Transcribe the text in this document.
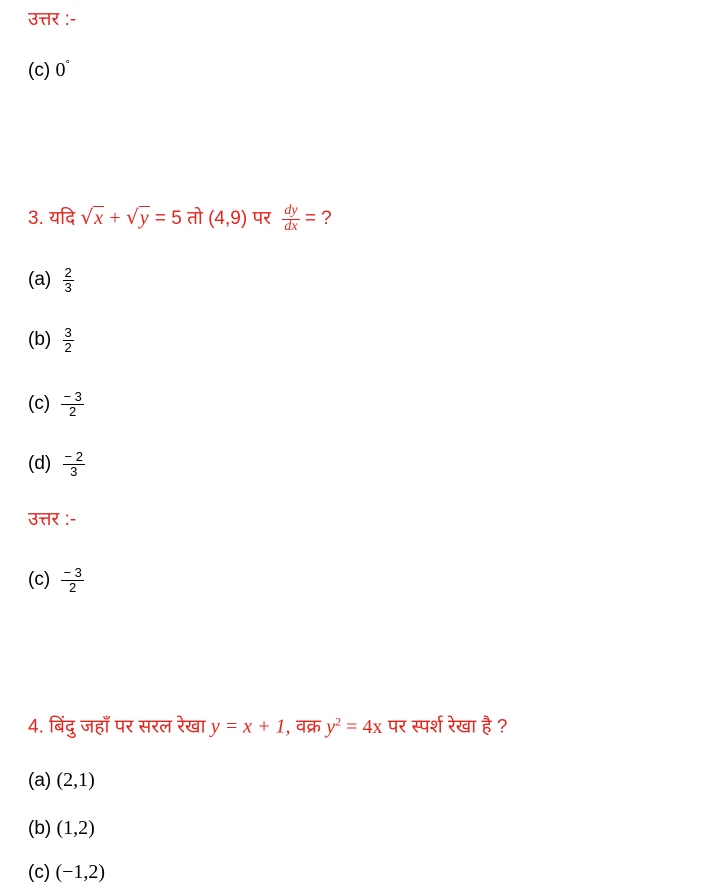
उत्तर :-
(c) 0°
3. यदि √x + √y = 5 तो (4,9) पर $\frac{dy}{dx}$ = ?
$(a) \frac{2}{3}$
$(b) \frac{3}{2}$
$(c) \frac{- 3}{2}$
$(d) \frac{- 2}{3}$
उत्तर :-
$(c) \frac{- 3}{2}$
4. बिंदु जहाँ पर सरल रेखा y = x + 1, वक्र $y^2 = 4x$ पर स्पर्श रेखा है ?
(a) (2,1)
(b) (1,2)
(c) (−1,2)
